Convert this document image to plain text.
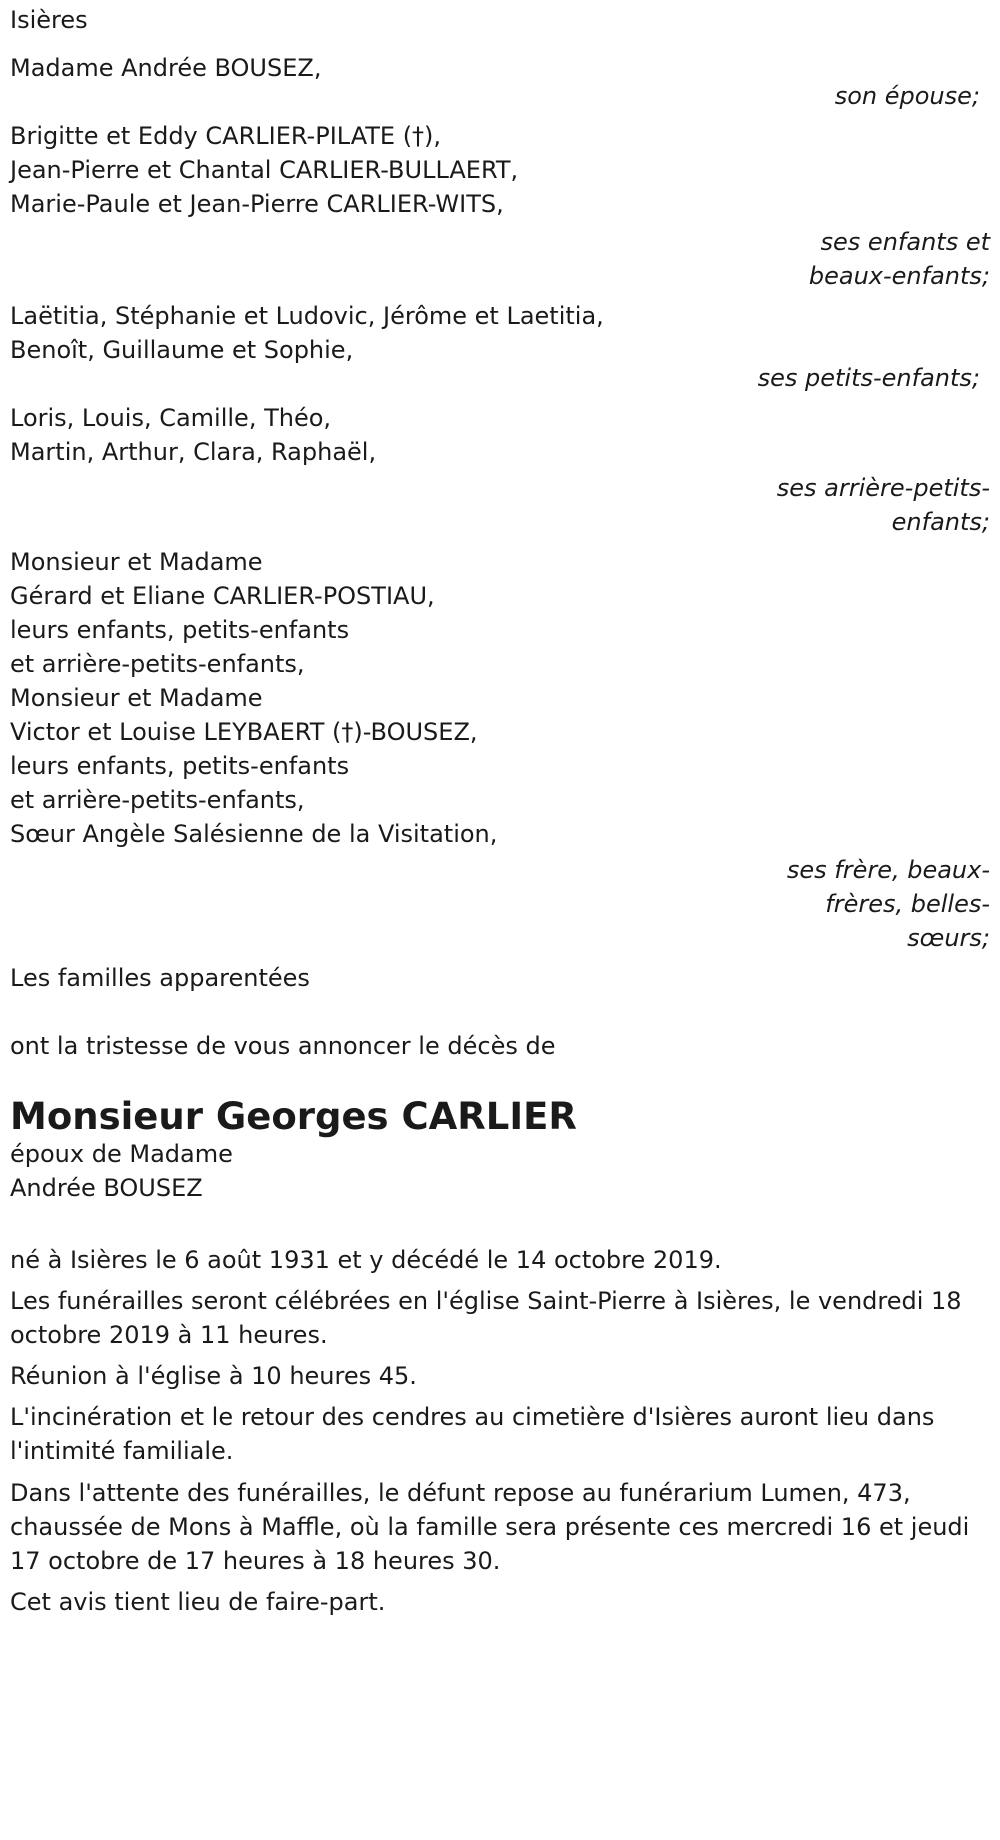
Isières

Madame Andrée BOUSEZ,

son épouse;
Brigitte et Eddy CARLIER-PILATE (†),
Jean-Pierre et Chantal CARLIER-BULLAERT,
Marie-Paule et Jean-Pierre CARLIER-WITS,
ses enfants et
beaux-enfants;
Laëtitia, Stéphanie et Ludovic, Jérôme et Laetitia,
Benoît, Guillaume et Sophie,
ses petits-enfants;
Loris, Louis, Camille, Théo,
Martin, Arthur, Clara, Raphaël,
ses arrière-petits-
enfants;
Monsieur et Madame
Gérard et Eliane CARLIER-POSTIAU,
leurs enfants, petits-enfants
et arrière-petits-enfants,
Monsieur et Madame
Victor et Louise LEYBAERT (†)-BOUSEZ,
leurs enfants, petits-enfants
et arrière-petits-enfants,
Sœur Angèle Salésienne de la Visitation,
ses frère, beaux-
frères, belles-
sœurs;

Les familles apparentées

ont la tristesse de vous annoncer le décès de

Monsieur Georges CARLIER

époux de Madame
Andrée BOUSEZ

né à Isières le 6 août 1931 et y décédé le 14 octobre 2019.

Les funérailles seront célébrées en l'église Saint-Pierre à Isières, le vendredi 18 octobre 2019 à 11 heures.

Réunion à l'église à 10 heures 45.

L'incinération et le retour des cendres au cimetière d'Isières auront lieu dans l'intimité familiale.

Dans l'attente des funérailles, le défunt repose au funérarium Lumen, 473, chaussée de Mons à Maffle, où la famille sera présente ces mercredi 16 et jeudi 17 octobre de 17 heures à 18 heures 30.

Cet avis tient lieu de faire-part.
